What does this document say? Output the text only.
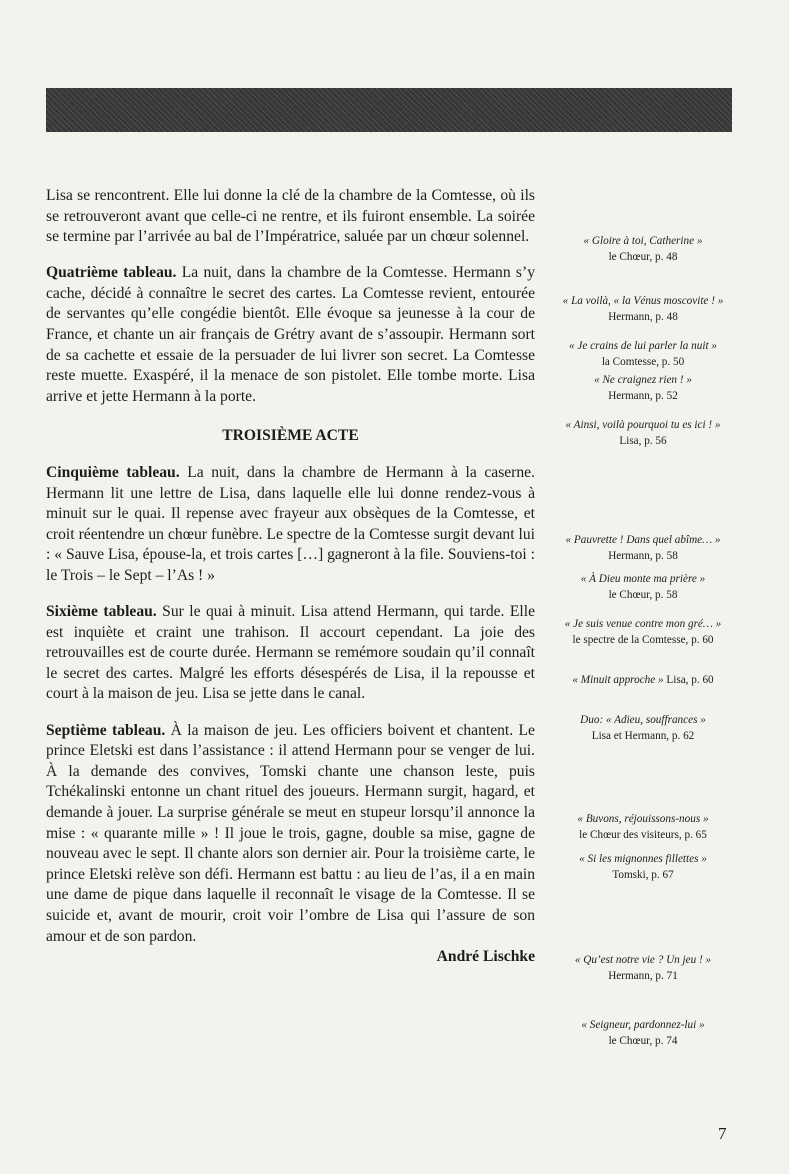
Lisa se rencontrent. Elle lui donne la clé de la chambre de la Comtesse, où ils se retrouveront avant que celle-ci ne rentre, et ils fuiront ensemble. La soirée se termine par l’arrivée au bal de l’Impératrice, saluée par un chœur solennel.

Quatrième tableau. La nuit, dans la chambre de la Comtesse. Hermann s’y cache, décidé à connaître le secret des cartes. La Comtesse revient, entourée de servantes qu’elle congédie bientôt. Elle évoque sa jeunesse à la cour de France, et chante un air français de Grétry avant de s’assoupir. Hermann sort de sa cachette et essaie de la persuader de lui livrer son secret. La Comtesse reste muette. Exaspéré, il la menace de son pistolet. Elle tombe morte. Lisa arrive et jette Hermann à la porte.

TROISIÈME ACTE

Cinquième tableau. La nuit, dans la chambre de Hermann à la caserne. Hermann lit une lettre de Lisa, dans laquelle elle lui donne rendez-vous à minuit sur le quai. Il repense avec frayeur aux obsèques de la Comtesse, et croit réentendre un chœur funèbre. Le spectre de la Comtesse surgit devant lui : « Sauve Lisa, épouse-la, et trois cartes […] gagneront à la file. Souviens-toi : le Trois – le Sept – l’As ! »

Sixième tableau. Sur le quai à minuit. Lisa attend Hermann, qui tarde. Elle est inquiète et craint une trahison. Il accourt cependant. La joie des retrouvailles est de courte durée. Hermann se remémore soudain qu’il connaît le secret des cartes. Malgré les efforts désespérés de Lisa, il la repousse et court à la maison de jeu. Lisa se jette dans le canal.

Septième tableau. À la maison de jeu. Les officiers boivent et chantent. Le prince Eletski est dans l’assistance : il attend Hermann pour se venger de lui. À la demande des convives, Tomski chante une chanson leste, puis Tchékalinski entonne un chant rituel des joueurs. Hermann surgit, hagard, et demande à jouer. La surprise générale se meut en stupeur lorsqu’il annonce la mise : « quarante mille » ! Il joue le trois, gagne, double sa mise, gagne de nouveau avec le sept. Il chante alors son dernier air. Pour la troisième carte, le prince Eletski relève son défi. Hermann est battu : au lieu de l’as, il a en main une dame de pique dans laquelle il reconnaît le visage de la Comtesse. Il se suicide et, avant de mourir, croit voir l’ombre de Lisa qui l’assure de son amour et de son pardon.

André Lischke
« Gloire à toi, Catherine »
le Chœur, p. 48
« La voilà, « la Vénus moscovite ! »
Hermann, p. 48
« Je crains de lui parler la nuit »
la Comtesse, p. 50
« Ne craignez rien ! »
Hermann, p. 52
« Ainsi, voilà pourquoi tu es ici ! »
Lisa, p. 56
« Pauvrette ! Dans quel abîme… »
Hermann, p. 58
« À Dieu monte ma prière »
le Chœur, p. 58
« Je suis venue contre mon gré… »
le spectre de la Comtesse, p. 60
« Minuit approche » Lisa, p. 60
Duo: « Adieu, souffrances »
Lisa et Hermann, p. 62
« Buvons, réjouissons-nous »
le Chœur des visiteurs, p. 65
« Si les mignonnes fillettes »
Tomski, p. 67
« Qu’est notre vie ? Un jeu ! »
Hermann, p. 71
« Seigneur, pardonnez-lui »
le Chœur, p. 74
7
